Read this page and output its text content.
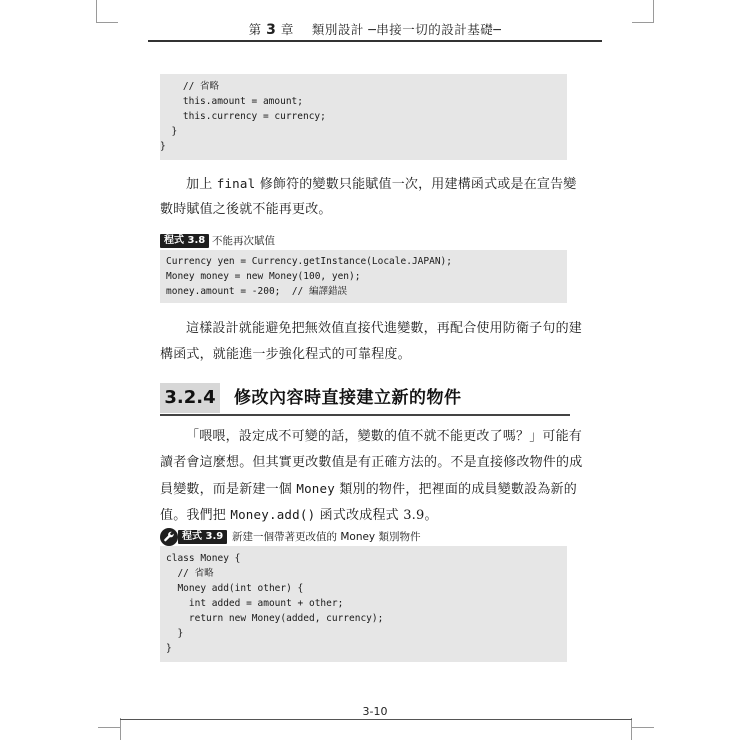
第 3 章 類別設計 ─串接一切的設計基礎─
// 省略
this.amount = amount;
this.currency = currency;
}
}
加上 final 修飾符的變數只能賦值一次，用建構函式或是在宣告變
數時賦值之後就不能再更改。
程式 3.8 不能再次賦值
Currency yen = Currency.getInstance(Locale.JAPAN);
Money money = new Money(100, yen);
money.amount = -200;  // 編譯錯誤
這樣設計就能避免把無效值直接代進變數，再配合使用防衛子句的建
構函式，就能進一步強化程式的可靠程度。
3.2.4 修改內容時直接建立新的物件
「喂喂，設定成不可變的話，變數的值不就不能更改了嗎？」可能有
讀者會這麼想。但其實更改數值是有正確方法的。不是直接修改物件的成
員變數，而是新建一個 Money 類別的物件，把裡面的成員變數設為新的
值。我們把 Money.add() 函式改成程式 3.9。
程式 3.9 新建一個帶著更改值的 Money 類別物件
class Money {
// 省略
Money add(int other) {
int added = amount + other;
return new Money(added, currency);
}
}
3-10
